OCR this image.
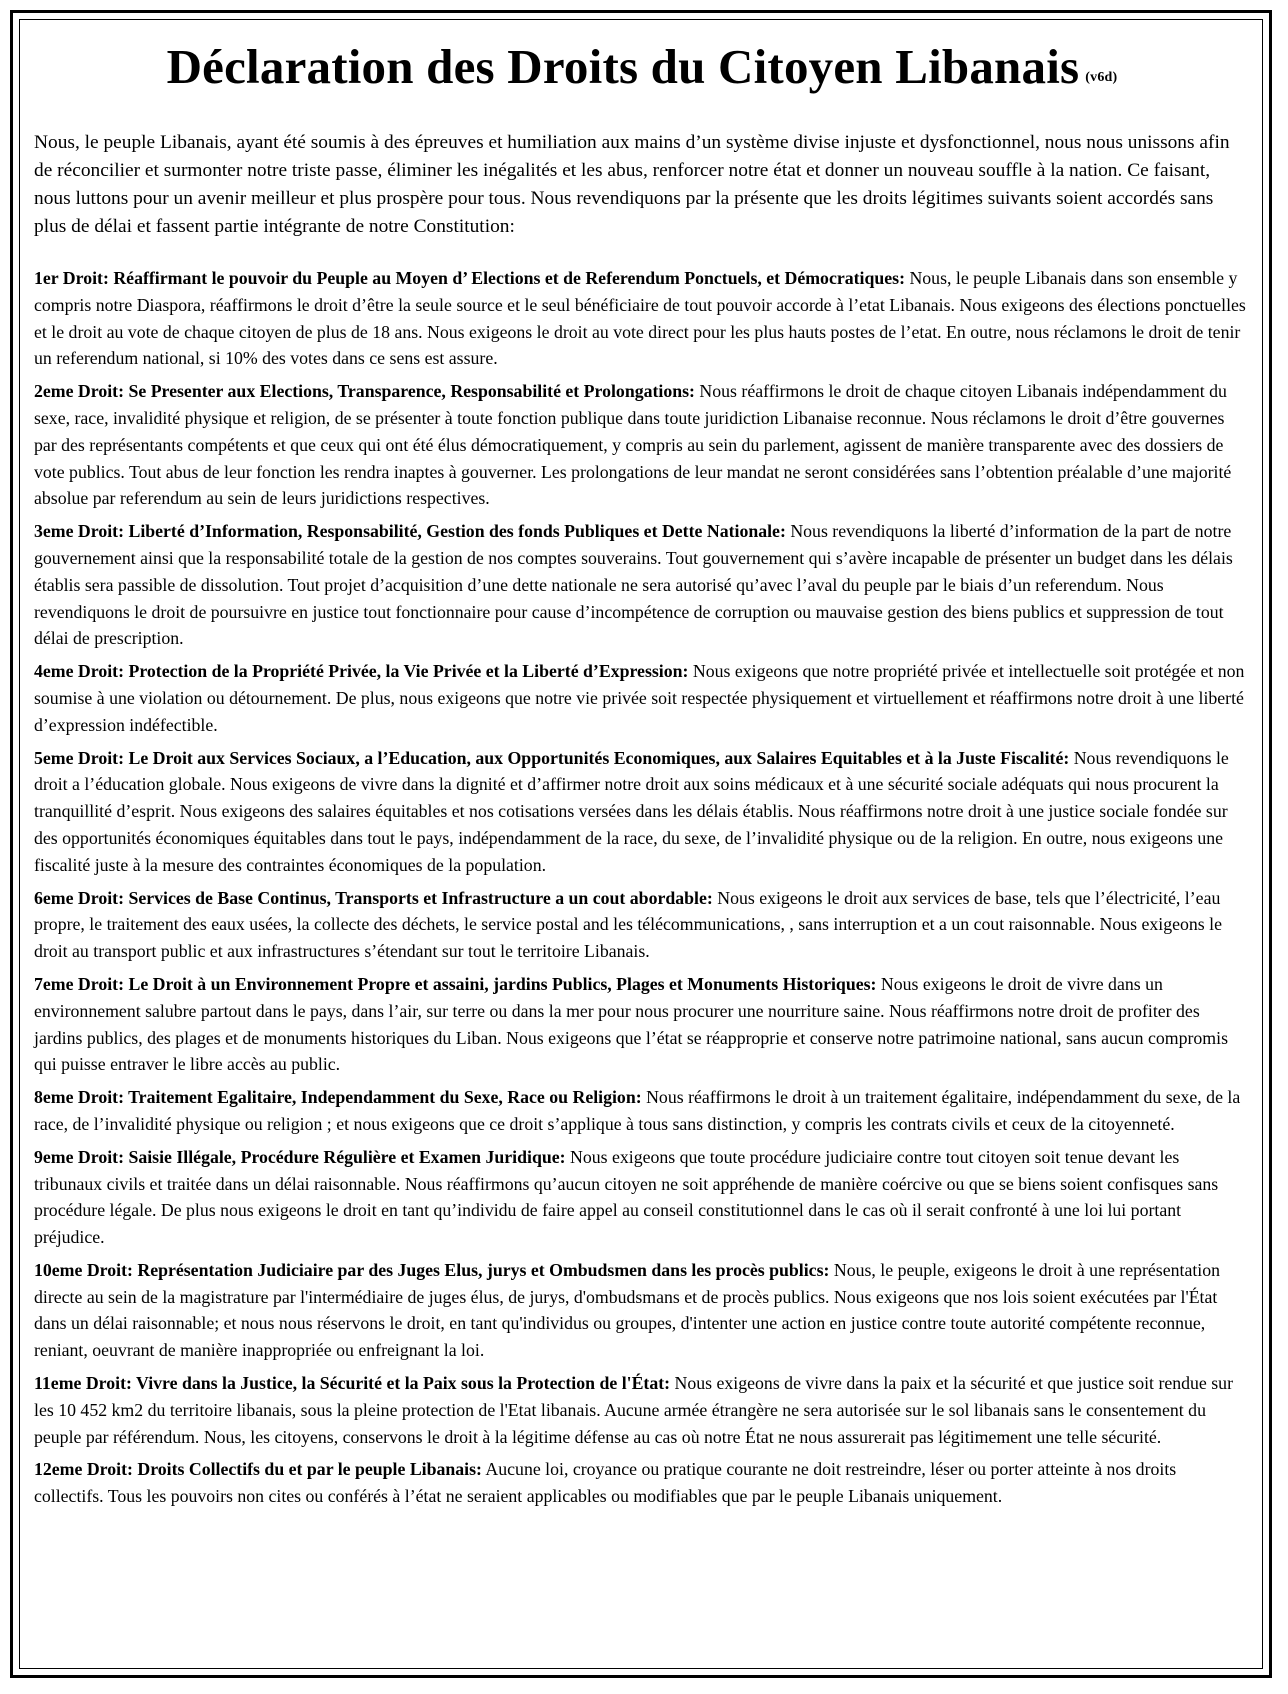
Déclaration des Droits du Citoyen Libanais (v6d)

Nous, le peuple Libanais, ayant été soumis à des épreuves et humiliation aux mains d’un système divise injuste et dysfonctionnel, nous nous unissons afin de réconcilier et surmonter notre triste passe, éliminer les inégalités et les abus, renforcer notre état et donner un nouveau souffle à la nation. Ce faisant, nous luttons pour un avenir meilleur et plus prospère pour tous. Nous revendiquons par la présente que les droits légitimes suivants soient accordés sans plus de délai et fassent partie intégrante de notre Constitution:

1er Droit: Réaffirmant le pouvoir du Peuple au Moyen d’ Elections et de Referendum Ponctuels, et Démocratiques: Nous, le peuple Libanais dans son ensemble y compris notre Diaspora, réaffirmons le droit d’être la seule source et le seul bénéficiaire de tout pouvoir accorde à l’etat Libanais. Nous exigeons des élections ponctuelles et le droit au vote de chaque citoyen de plus de 18 ans. Nous exigeons le droit au vote direct pour les plus hauts postes de l’etat. En outre, nous réclamons le droit de tenir un referendum national, si 10% des votes dans ce sens est assure.

2eme Droit: Se Presenter aux Elections, Transparence, Responsabilité et Prolongations: Nous réaffirmons le droit de chaque citoyen Libanais indépendamment du sexe, race, invalidité physique et religion, de se présenter à toute fonction publique dans toute juridiction Libanaise reconnue. Nous réclamons le droit d’être gouvernes par des représentants compétents et que ceux qui ont été élus démocratiquement, y compris au sein du parlement, agissent de manière transparente avec des dossiers de vote publics. Tout abus de leur fonction les rendra inaptes à gouverner. Les prolongations de leur mandat ne seront considérées sans l’obtention préalable d’une majorité absolue par referendum au sein de leurs juridictions respectives.

3eme Droit: Liberté d’Information, Responsabilité, Gestion des fonds Publiques et Dette Nationale: Nous revendiquons la liberté d’information de la part de notre gouvernement ainsi que la responsabilité totale de la gestion de nos comptes souverains. Tout gouvernement qui s’avère incapable de présenter un budget dans les délais établis sera passible de dissolution. Tout projet d’acquisition d’une dette nationale ne sera autorisé qu’avec l’aval du peuple par le biais d’un referendum. Nous revendiquons le droit de poursuivre en justice tout fonctionnaire pour cause d’incompétence de corruption ou mauvaise gestion des biens publics et suppression de tout délai de prescription.

4eme Droit: Protection de la Propriété Privée, la Vie Privée et la Liberté d’Expression: Nous exigeons que notre propriété privée et intellectuelle soit protégée et non soumise à une violation ou détournement. De plus, nous exigeons que notre vie privée soit respectée physiquement et virtuellement et réaffirmons notre droit à une liberté d’expression indéfectible.

5eme Droit: Le Droit aux Services Sociaux, a l’Education, aux Opportunités Economiques, aux Salaires Equitables et à la Juste Fiscalité: Nous revendiquons le droit a l’éducation globale. Nous exigeons de vivre dans la dignité et d’affirmer notre droit aux soins médicaux et à une sécurité sociale adéquats qui nous procurent la tranquillité d’esprit. Nous exigeons des salaires équitables et nos cotisations versées dans les délais établis. Nous réaffirmons notre droit à une justice sociale fondée sur des opportunités économiques équitables dans tout le pays, indépendamment de la race, du sexe, de l’invalidité physique ou de la religion. En outre, nous exigeons une fiscalité juste à la mesure des contraintes économiques de la population.

6eme Droit: Services de Base Continus, Transports et Infrastructure a un cout abordable: Nous exigeons le droit aux services de base, tels que l’électricité, l’eau propre, le traitement des eaux usées, la collecte des déchets, le service postal and les télécommunications, , sans interruption et a un cout raisonnable. Nous exigeons le droit au transport public et aux infrastructures s’étendant sur tout le territoire Libanais.

7eme Droit: Le Droit à un Environnement Propre et assaini, jardins Publics, Plages et Monuments Historiques: Nous exigeons le droit de vivre dans un environnement salubre partout dans le pays, dans l’air, sur terre ou dans la mer pour nous procurer une nourriture saine. Nous réaffirmons notre droit de profiter des jardins publics, des plages et de monuments historiques du Liban. Nous exigeons que l’état se réapproprie et conserve notre patrimoine national, sans aucun compromis qui puisse entraver le libre accès au public.

8eme Droit: Traitement Egalitaire, Independamment du Sexe, Race ou Religion: Nous réaffirmons le droit à un traitement égalitaire, indépendamment du sexe, de la race, de l’invalidité physique ou religion ; et nous exigeons que ce droit s’applique à tous sans distinction, y compris les contrats civils et ceux de la citoyenneté.

9eme Droit: Saisie Illégale, Procédure Régulière et Examen Juridique: Nous exigeons que toute procédure judiciaire contre tout citoyen soit tenue devant les tribunaux civils et traitée dans un délai raisonnable. Nous réaffirmons qu’aucun citoyen ne soit appréhende de manière coércive ou que se biens soient confisques sans procédure légale. De plus nous exigeons le droit en tant qu’individu de faire appel au conseil constitutionnel dans le cas où il serait confronté à une loi lui portant préjudice.

10eme Droit: Représentation Judiciaire par des Juges Elus, jurys et Ombudsmen dans les procès publics: Nous, le peuple, exigeons le droit à une représentation directe au sein de la magistrature par l'intermédiaire de juges élus, de jurys, d'ombudsmans et de procès publics. Nous exigeons que nos lois soient exécutées par l'État dans un délai raisonnable; et nous nous réservons le droit, en tant qu'individus ou groupes, d'intenter une action en justice contre toute autorité compétente reconnue, reniant, oeuvrant de manière inappropriée ou enfreignant la loi.

11eme Droit: Vivre dans la Justice, la Sécurité et la Paix sous la Protection de l'État: Nous exigeons de vivre dans la paix et la sécurité et que justice soit rendue sur les 10 452 km2 du territoire libanais, sous la pleine protection de l'Etat libanais. Aucune armée étrangère ne sera autorisée sur le sol libanais sans le consentement du peuple par référendum. Nous, les citoyens, conservons le droit à la légitime défense au cas où notre État ne nous assurerait pas légitimement une telle sécurité.

12eme Droit: Droits Collectifs du et par le peuple Libanais: Aucune loi, croyance ou pratique courante ne doit restreindre, léser ou porter atteinte à nos droits collectifs. Tous les pouvoirs non cites ou conférés à l’état ne seraient applicables ou modifiables que par le peuple Libanais uniquement.
